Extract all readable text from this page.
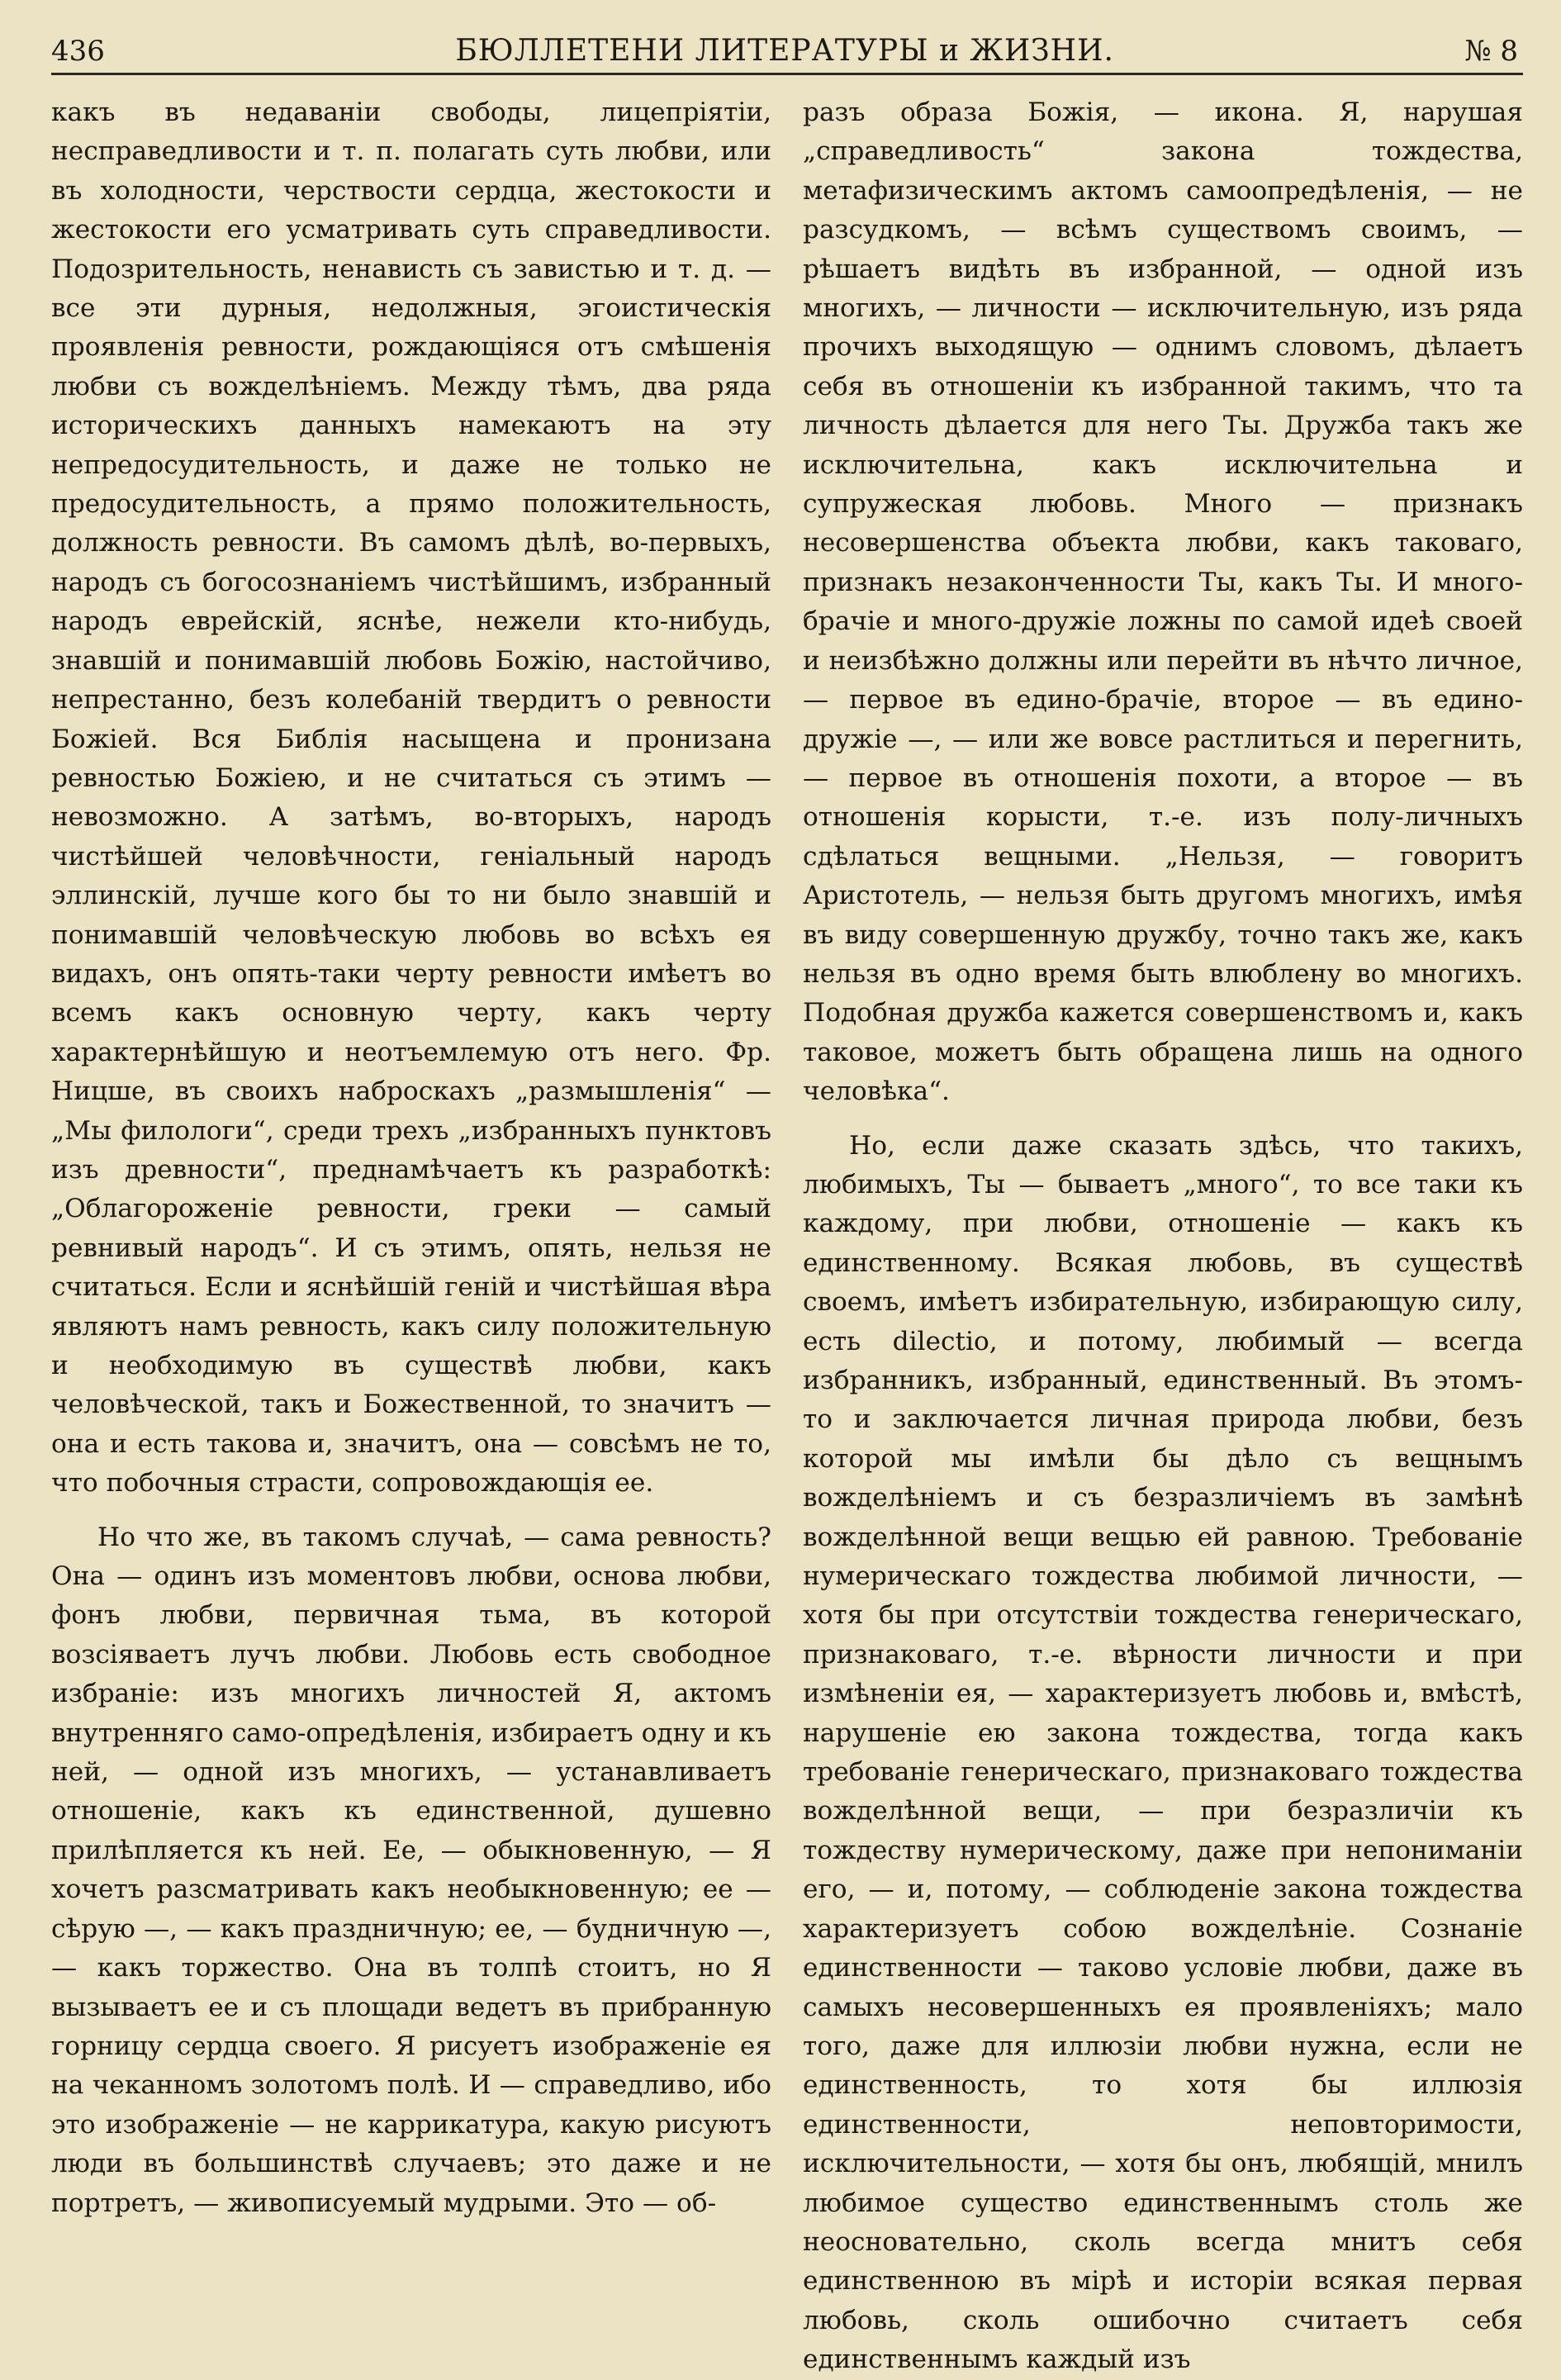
436	БЮЛЛЕТЕНИ ЛИТЕРАТУРЫ и ЖИЗНИ.	№ 8

какъ въ недаваніи свободы, лицепріятіи, несправедливости и т. п. полагать суть любви, или въ холодности, черствости сердца, жестокости и жестокости его усматривать суть справедливости. Подозрительность, ненависть съ завистью и т. д. — все эти дурныя, недолжныя, эгоистическія проявленія ревности, рождающіяся отъ смѣшенія любви съ вожделѣніемъ. Между тѣмъ, два ряда историческихъ данныхъ намекаютъ на эту непредосудительность, и даже не только не предосудительность, а прямо положительность, должность ревности. Въ самомъ дѣлѣ, во-первыхъ, народъ съ богосознаніемъ чистѣйшимъ, избранный народъ еврейскій, яснѣе, нежели кто-нибудь, знавшій и понимавшій любовь Божію, настойчиво, непрестанно, безъ колебаній твердитъ о ревности Божіей. Вся Библія насыщена и пронизана ревностью Божіею, и не считаться съ этимъ — невозможно. А затѣмъ, во-вторыхъ, народъ чистѣйшей человѣчности, геніальный народъ эллинскій, лучше кого бы то ни было знавшій и понимавшій человѣческую любовь во всѣхъ ея видахъ, онъ опять-таки черту ревности имѣетъ во всемъ какъ основную черту, какъ черту характернѣйшую и неотъемлемую отъ него. Фр. Ницше, въ своихъ наброскахъ „размышленія“ — „Мы филологи“, среди трехъ „избранныхъ пунктовъ изъ древности“, преднамѣчаетъ къ разработкѣ: „Облагороженіе ревности, греки — самый ревнивый народъ“. И съ этимъ, опять, нельзя не считаться. Если и яснѣйшій геній и чистѣйшая вѣра являютъ намъ ревность, какъ силу положительную и необходимую въ существѣ любви, какъ человѣческой, такъ и Божественной, то значитъ — она и есть такова и, значитъ, она — совсѣмъ не то, что побочныя страсти, сопровождающія ее.

Но что же, въ такомъ случаѣ, — сама ревность? Она — одинъ изъ моментовъ любви, основа любви, фонъ любви, первичная тьма, въ которой возсіяваетъ лучъ любви. Любовь есть свободное избраніе: изъ многихъ личностей Я, актомъ внутренняго само-опредѣленія, избираетъ одну и къ ней, — одной изъ многихъ, — устанавливаетъ отношеніе, какъ къ единственной, душевно прилѣпляется къ ней. Ее, — обыкновенную, — Я хочетъ разсматривать какъ необыкновенную; ее — сѣрую —, — какъ праздничную; ее, — будничную —, — какъ торжество. Она въ толпѣ стоитъ, но Я вызываетъ ее и съ площади ведетъ въ прибранную горницу сердца своего. Я рисуетъ изображеніе ея на чеканномъ золотомъ полѣ. И — справедливо, ибо это изображеніе — не каррикатура, какую рисуютъ люди въ большинствѣ случаевъ; это даже и не портретъ, — живописуемый мудрыми. Это — об-

разъ образа Божія, — икона. Я, нарушая „справедливость“ закона тождества, метафизическимъ актомъ самоопредѣленія, — не разсудкомъ, — всѣмъ существомъ своимъ, — рѣшаетъ видѣть въ избранной, — одной изъ многихъ, — личности — исключительную, изъ ряда прочихъ выходящую — однимъ словомъ, дѣлаетъ себя въ отношеніи къ избранной такимъ, что та личность дѣлается для него Ты. Дружба такъ же исключительна, какъ исключительна и супружеская любовь. Много — признакъ несовершенства объекта любви, какъ таковаго, признакъ незаконченности Ты, какъ Ты. И много-брачіе и много-дружіе ложны по самой идеѣ своей и неизбѣжно должны или перейти въ нѣчто личное, — первое въ едино-брачіе, второе — въ едино-дружіе —, — или же вовсе растлиться и перегнить, — первое въ отношенія похоти, а второе — въ отношенія корысти, т.-е. изъ полу-личныхъ сдѣлаться вещными. „Нельзя, — говоритъ Аристотель, — нельзя быть другомъ многихъ, имѣя въ виду совершенную дружбу, точно такъ же, какъ нельзя въ одно время быть влюблену во многихъ. Подобная дружба кажется совершенствомъ и, какъ таковое, можетъ быть обращена лишь на одного человѣка“.

Но, если даже сказать здѣсь, что такихъ, любимыхъ, Ты — бываетъ „много“, то все таки къ каждому, при любви, отношеніе — какъ къ единственному. Всякая любовь, въ существѣ своемъ, имѣетъ избирательную, избирающую силу, есть dilectio, и потому, любимый — всегда избранникъ, избранный, единственный. Въ этомъ-то и заключается личная природа любви, безъ которой мы имѣли бы дѣло съ вещнымъ вожделѣніемъ и съ безразличіемъ въ замѣнѣ вожделѣнной вещи вещью ей равною. Требованіе нумерическаго тождества любимой личности, — хотя бы при отсутствіи тождества генерическаго, признаковаго, т.-е. вѣрности личности и при измѣненіи ея, — характеризуетъ любовь и, вмѣстѣ, нарушеніе ею закона тождества, тогда какъ требованіе генерическаго, признаковаго тождества вожделѣнной вещи, — при безразличіи къ тождеству нумерическому, даже при непониманіи его, — и, потому, — соблюденіе закона тождества характеризуетъ собою вожделѣніе. Сознаніе единственности — таково условіе любви, даже въ самыхъ несовершенныхъ ея проявленіяхъ; мало того, даже для иллюзіи любви нужна, если не единственность, то хотя бы иллюзія единственности, неповторимости, исключительности, — хотя бы онъ, любящій, мнилъ любимое существо единственнымъ столь же неосновательно, сколь всегда мнитъ себя единственною въ мірѣ и исторіи всякая первая любовь, сколь ошибочно считаетъ себя единственнымъ каждый изъ
